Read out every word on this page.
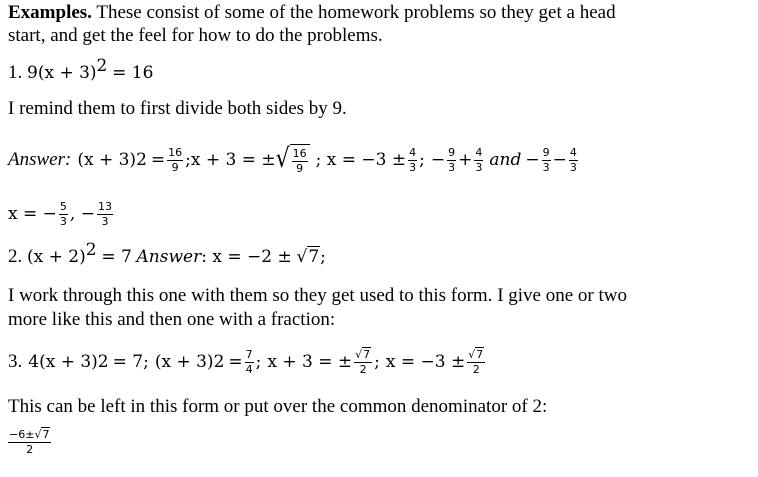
Examples. These consist of some of the homework problems so they get a head
start, and get the feel for how to do the problems.
1. $9(x + 3)^2 = 16$
I remind them to first divide both sides by 9.
Answer: (x + 3) $2 = \frac{16}{9}$ ;x + 3 = ± √ $\frac{16}{9}$ ; $x = -3 \pm \frac{4}{3}$ ; − $\frac{9}{3} + \frac{4}{3}$ and − $\frac{9}{3} - \frac{4}{3}$
x = − $\frac{5}{3}$ , − $\frac{13}{3}$
2. $(x + 2)^2 = 7$ Answer: x = −2 ± √7;
I work through this one with them so they get used to this form. I give one or two
more like this and then one with a fraction:
3. 4(x + 3) 2 = 7; (x + 3) $2 = \frac{7}{4}$ ; x + 3 = ± $\frac{√7}{2}$ ; $x = -3 \pm \frac{√7}{2}$
This can be left in this form or put over the common denominator of 2:
$\frac{-6\pm√7}{2}$
